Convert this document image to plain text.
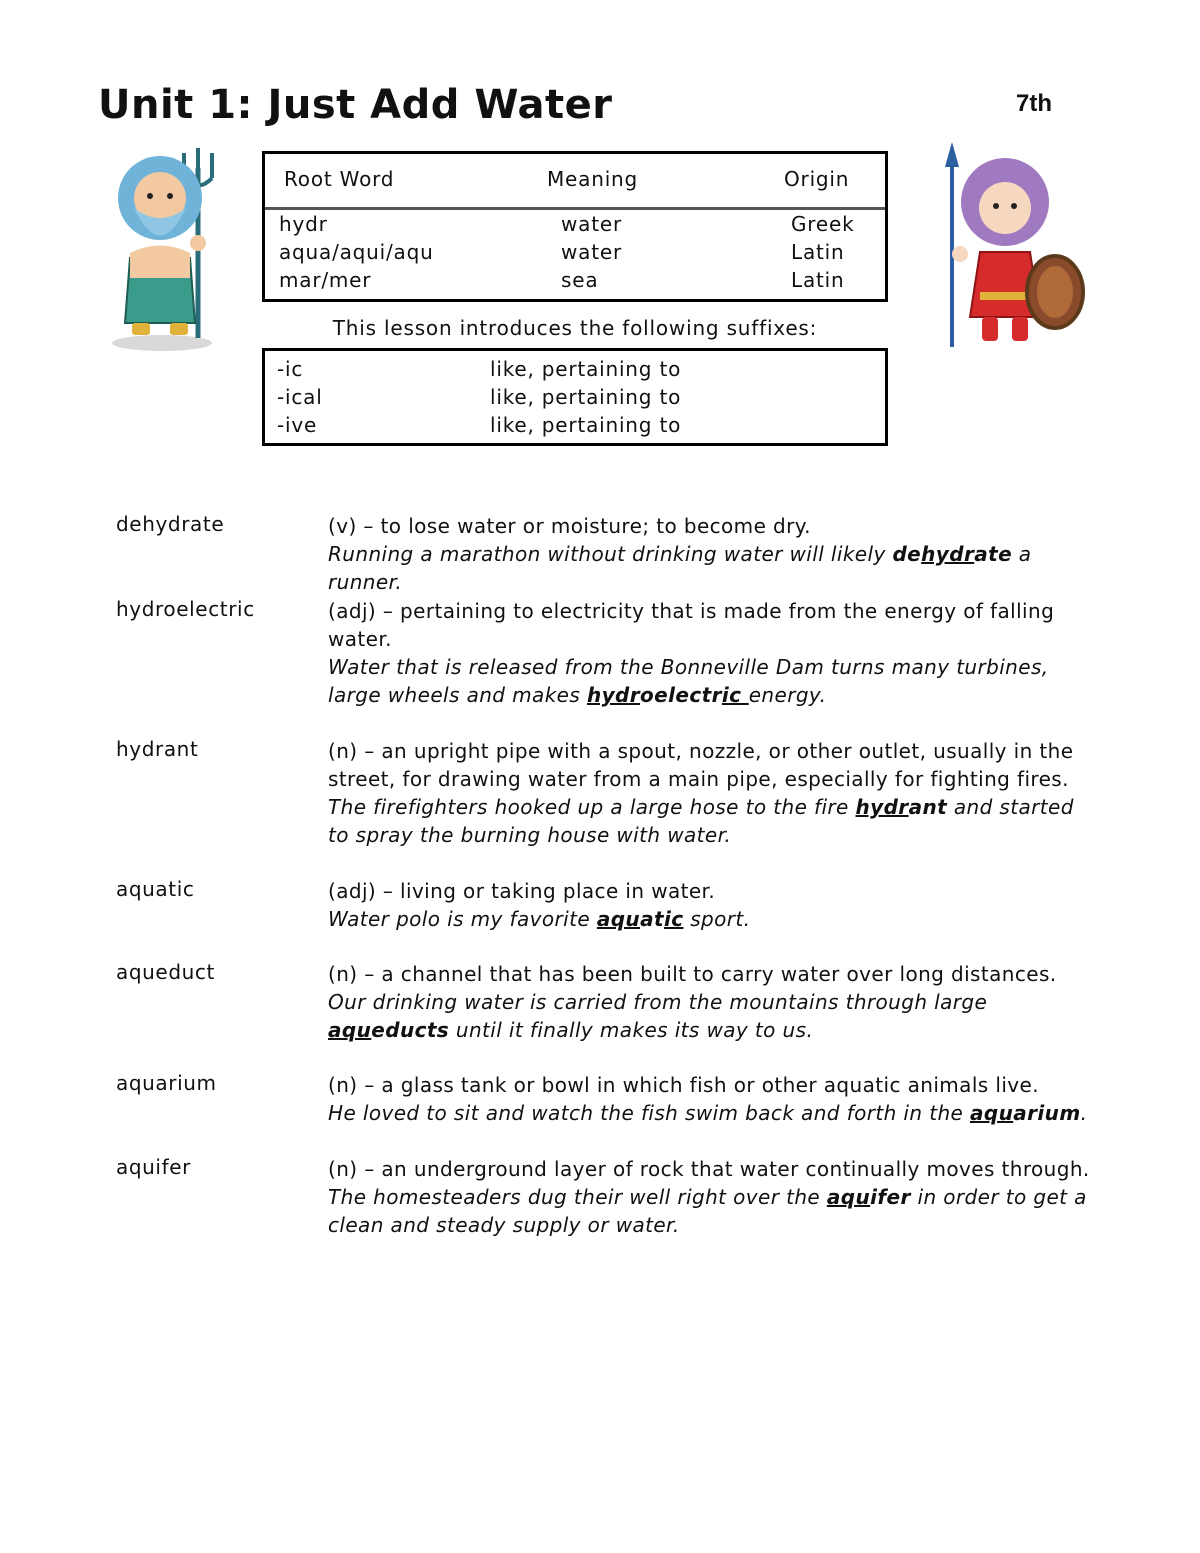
Unit 1: Just Add Water	7th
Root Word	Meaning	Origin
hydr	water	Greek
aqua/aqui/aqu	water	Latin
mar/mer	sea	Latin
This lesson introduces the following suffixes:
-ic	like, pertaining to
-ical	like, pertaining to
-ive	like, pertaining to
dehydrate	(v) – to lose water or moisture; to become dry.
Running a marathon without drinking water will likely dehydrate a runner.
hydroelectric	(adj) – pertaining to electricity that is made from the energy of falling water.
Water that is released from the Bonneville Dam turns many turbines, large wheels and makes hydroelectric energy.
hydrant	(n) – an upright pipe with a spout, nozzle, or other outlet, usually in the street, for drawing water from a main pipe, especially for fighting fires.
The firefighters hooked up a large hose to the fire hydrant and started to spray the burning house with water.
aquatic	(adj) – living or taking place in water.
Water polo is my favorite aquatic sport.
aqueduct	(n) – a channel that has been built to carry water over long distances.
Our drinking water is carried from the mountains through large aqueducts until it finally makes its way to us.
aquarium	(n) – a glass tank or bowl in which fish or other aquatic animals live.
He loved to sit and watch the fish swim back and forth in the aquarium.
aquifer	(n) – an underground layer of rock that water continually moves through.
The homesteaders dug their well right over the aquifer in order to get a clean and steady supply or water.
